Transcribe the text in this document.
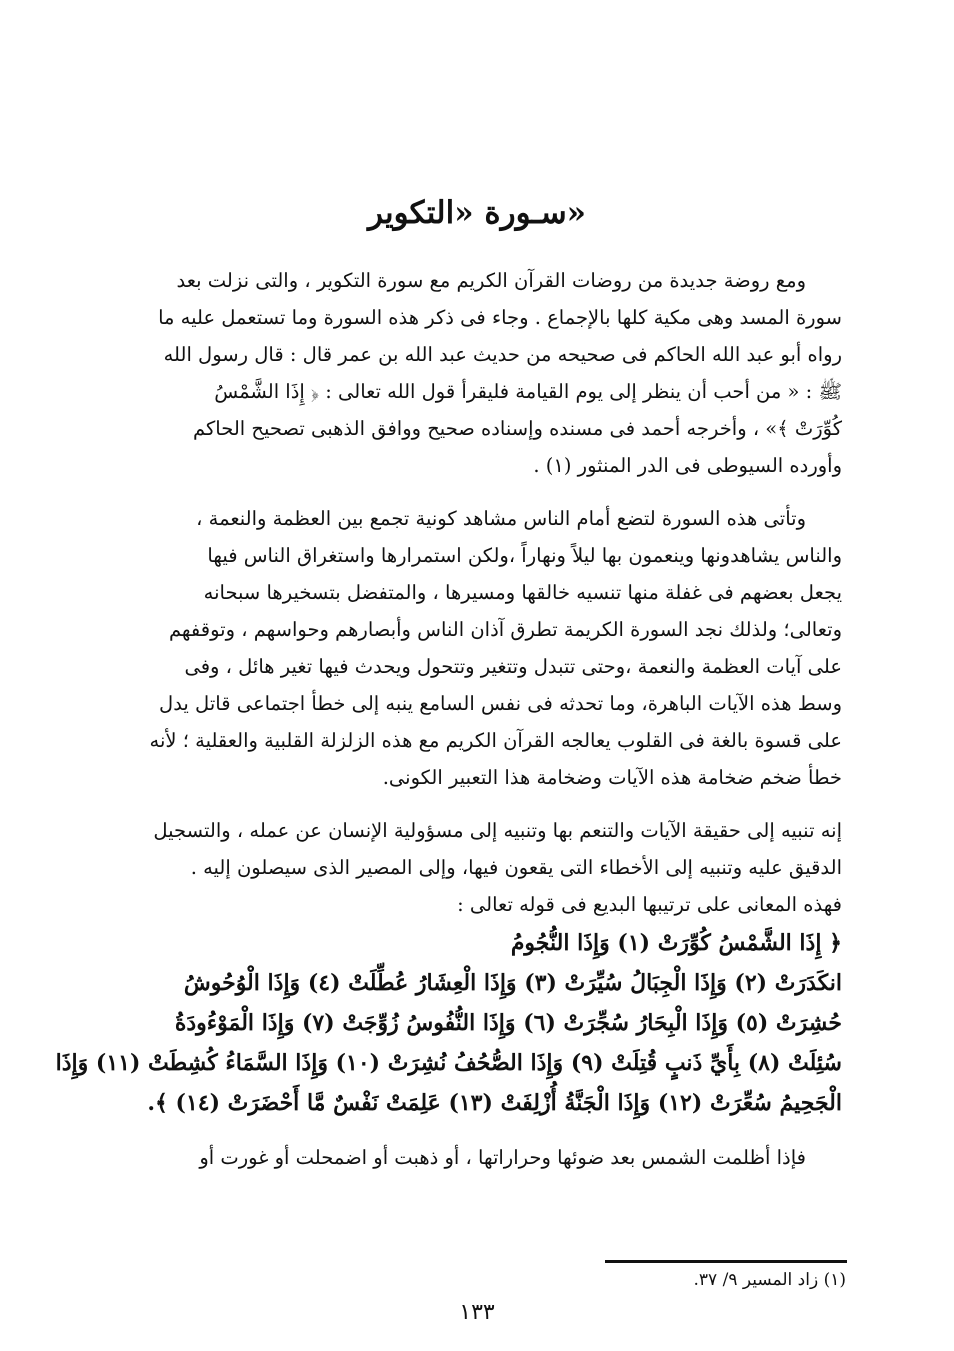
سـورة «التكوير»
ومع روضة جديدة من روضات القرآن الكريم مع سورة التكوير ، والتى نزلت بعد
سورة المسد وهى مكية كلها بالإجماع . وجاء فى ذكر هذه السورة وما تستعمل عليه ما
رواه أبو عبد الله الحاكم فى صحيحه من حديث عبد الله بن عمر قال : قال رسول الله
ﷺ : « من أحب أن ينظر إلى يوم القيامة فليقرأ قول الله تعالى : ﴿ إِذَا الشَّمْسُ
كُوِّرَتْ ﴾» ، وأخرجه أحمد فى مسنده وإسناده صحيح ووافق الذهبى تصحيح الحاكم
وأورده السيوطى فى الدر المنثور (١) .
وتأتى هذه السورة لتضع أمام الناس مشاهد كونية تجمع بين العظمة والنعمة ،
والناس يشاهدونها وينعمون بها ليلاً ونهاراً ،ولكن استمرارها واستغراق الناس فيها
يجعل بعضهم فى غفلة منها تنسيه خالقها ومسيرها ، والمتفضل بتسخيرها سبحانه
وتعالى؛ ولذلك نجد السورة الكريمة تطرق آذان الناس وأبصارهم وحواسهم ، وتوقفهم
على آيات العظمة والنعمة ،وحتى تتبدل وتتغير وتتحول ويحدث فيها تغير هائل ، وفى
وسط هذه الآيات الباهرة، وما تحدثه فى نفس السامع ينبه إلى خطأ اجتماعى قاتل يدل
على قسوة بالغة فى القلوب يعالجه القرآن الكريم مع هذه الزلزلة القلبية والعقلية ؛ لأنه
خطأ ضخم ضخامة هذه الآيات وضخامة هذا التعبير الكونى.
إنه تنبيه إلى حقيقة الآيات والتنعم بها وتنبيه إلى مسؤولية الإنسان عن عمله ، والتسجيل
الدقيق عليه وتنبيه إلى الأخطاء التى يقعون فيها، وإلى المصير الذى سيصلون إليه .
فهذه المعانى على ترتيبها البديع فى قوله تعالى :
﴿ إِذَا الشَّمْسُ كُوِّرَتْ (١) وَإِذَا النُّجُومُ
انكَدَرَتْ (٢) وَإِذَا الْجِبَالُ سُيِّرَتْ (٣) وَإِذَا الْعِشَارُ عُطِّلَتْ (٤) وَإِذَا الْوُحُوشُ
حُشِرَتْ (٥) وَإِذَا الْبِحَارُ سُجِّرَتْ (٦) وَإِذَا النُّفُوسُ زُوِّجَتْ (٧) وَإِذَا الْمَوْءُودَةُ
سُئِلَتْ (٨) بِأَيِّ ذَنبٍ قُتِلَتْ (٩) وَإِذَا الصُّحُفُ نُشِرَتْ (١٠) وَإِذَا السَّمَاءُ كُشِطَتْ (١١) وَإِذَا
الْجَحِيمُ سُعِّرَتْ (١٢) وَإِذَا الْجَنَّةُ أُزْلِفَتْ (١٣) عَلِمَتْ نَفْسٌ مَّا أَحْضَرَتْ (١٤) ﴾.
فإذا أظلمت الشمس بعد ضوئها وحراراتها ، أو ذهبت أو اضمحلت أو غورت أو

(١) زاد المسير ٩/ ٣٧.

١٣٣
